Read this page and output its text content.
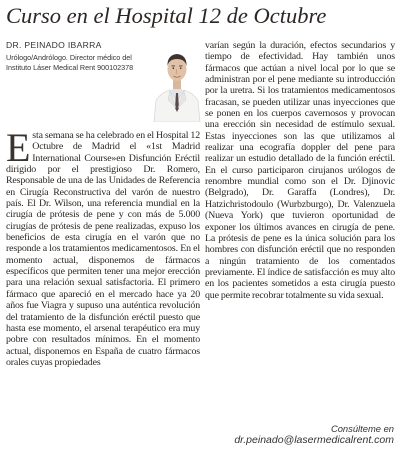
Curso en el Hospital 12 de Octubre
DR. PEINADO IBARRA
Urólogo/Andrólogo. Director médico del Instituto Láser Medical Rent 900102378

Esta semana se ha celebrado en el Hospital 12 Octubre de Madrid el «1st Madrid International Course»en Disfunción Eréctil dirigido por el prestigioso Dr. Romero, Responsable de una de las Unidades de Referencia en Cirugía Reconstructiva del varón de nuestro país. El Dr. Wilson, una referencia mundial en la cirugía de prótesis de pene y con más de 5.000 cirugías de prótesis de pene realizadas, expuso los beneficios de esta cirugía en el varón que no responde a los tratamientos medicamentosos. En el momento actual, disponemos de fármacos específicos que permiten tener una mejor erección para una relación sexual satisfactoria. El primero fármaco que apareció en el mercado hace ya 20 años fue Viagra y supuso una auténtica revolución del tratamiento de la disfunción eréctil puesto que hasta ese momento, el arsenal terapéutico era muy pobre con resultados mínimos. En el momento actual, disponemos en España de cuatro fármacos orales cuyas propiedades

varían según la duración, efectos secundarios y tiempo de efectividad. Hay también unos fármacos que actúan a nivel local por lo que se administran por el pene mediante su introducción por la uretra. Si los tratamientos medicamentosos fracasan, se pueden utilizar unas inyecciones que se ponen en los cuerpos cavernosos y provocan una erección sin necesidad de estímulo sexual. Estas inyecciones son las que utilizamos al realizar una ecografía doppler del pene para realizar un estudio detallado de la función eréctil. En el curso participaron cirujanos urólogos de renombre mundial como son el Dr. Djinovic (Belgrado), Dr. Garaffa (Londres), Dr. Hatzichristodoulo (Wurbzburgo), Dr. Valenzuela (Nueva York) que tuvieron oportunidad de exponer los últimos avances en cirugía de pene. La prótesis de pene es la única solución para los hombres con disfunción eréctil que no responden a ningún tratamiento de los comentados previamente. El índice de satisfacción es muy alto en los pacientes sometidos a esta cirugía puesto que permite recobrar totalmente su vida sexual.

Consúlteme en
dr.peinado@lasermedicalrent.com
